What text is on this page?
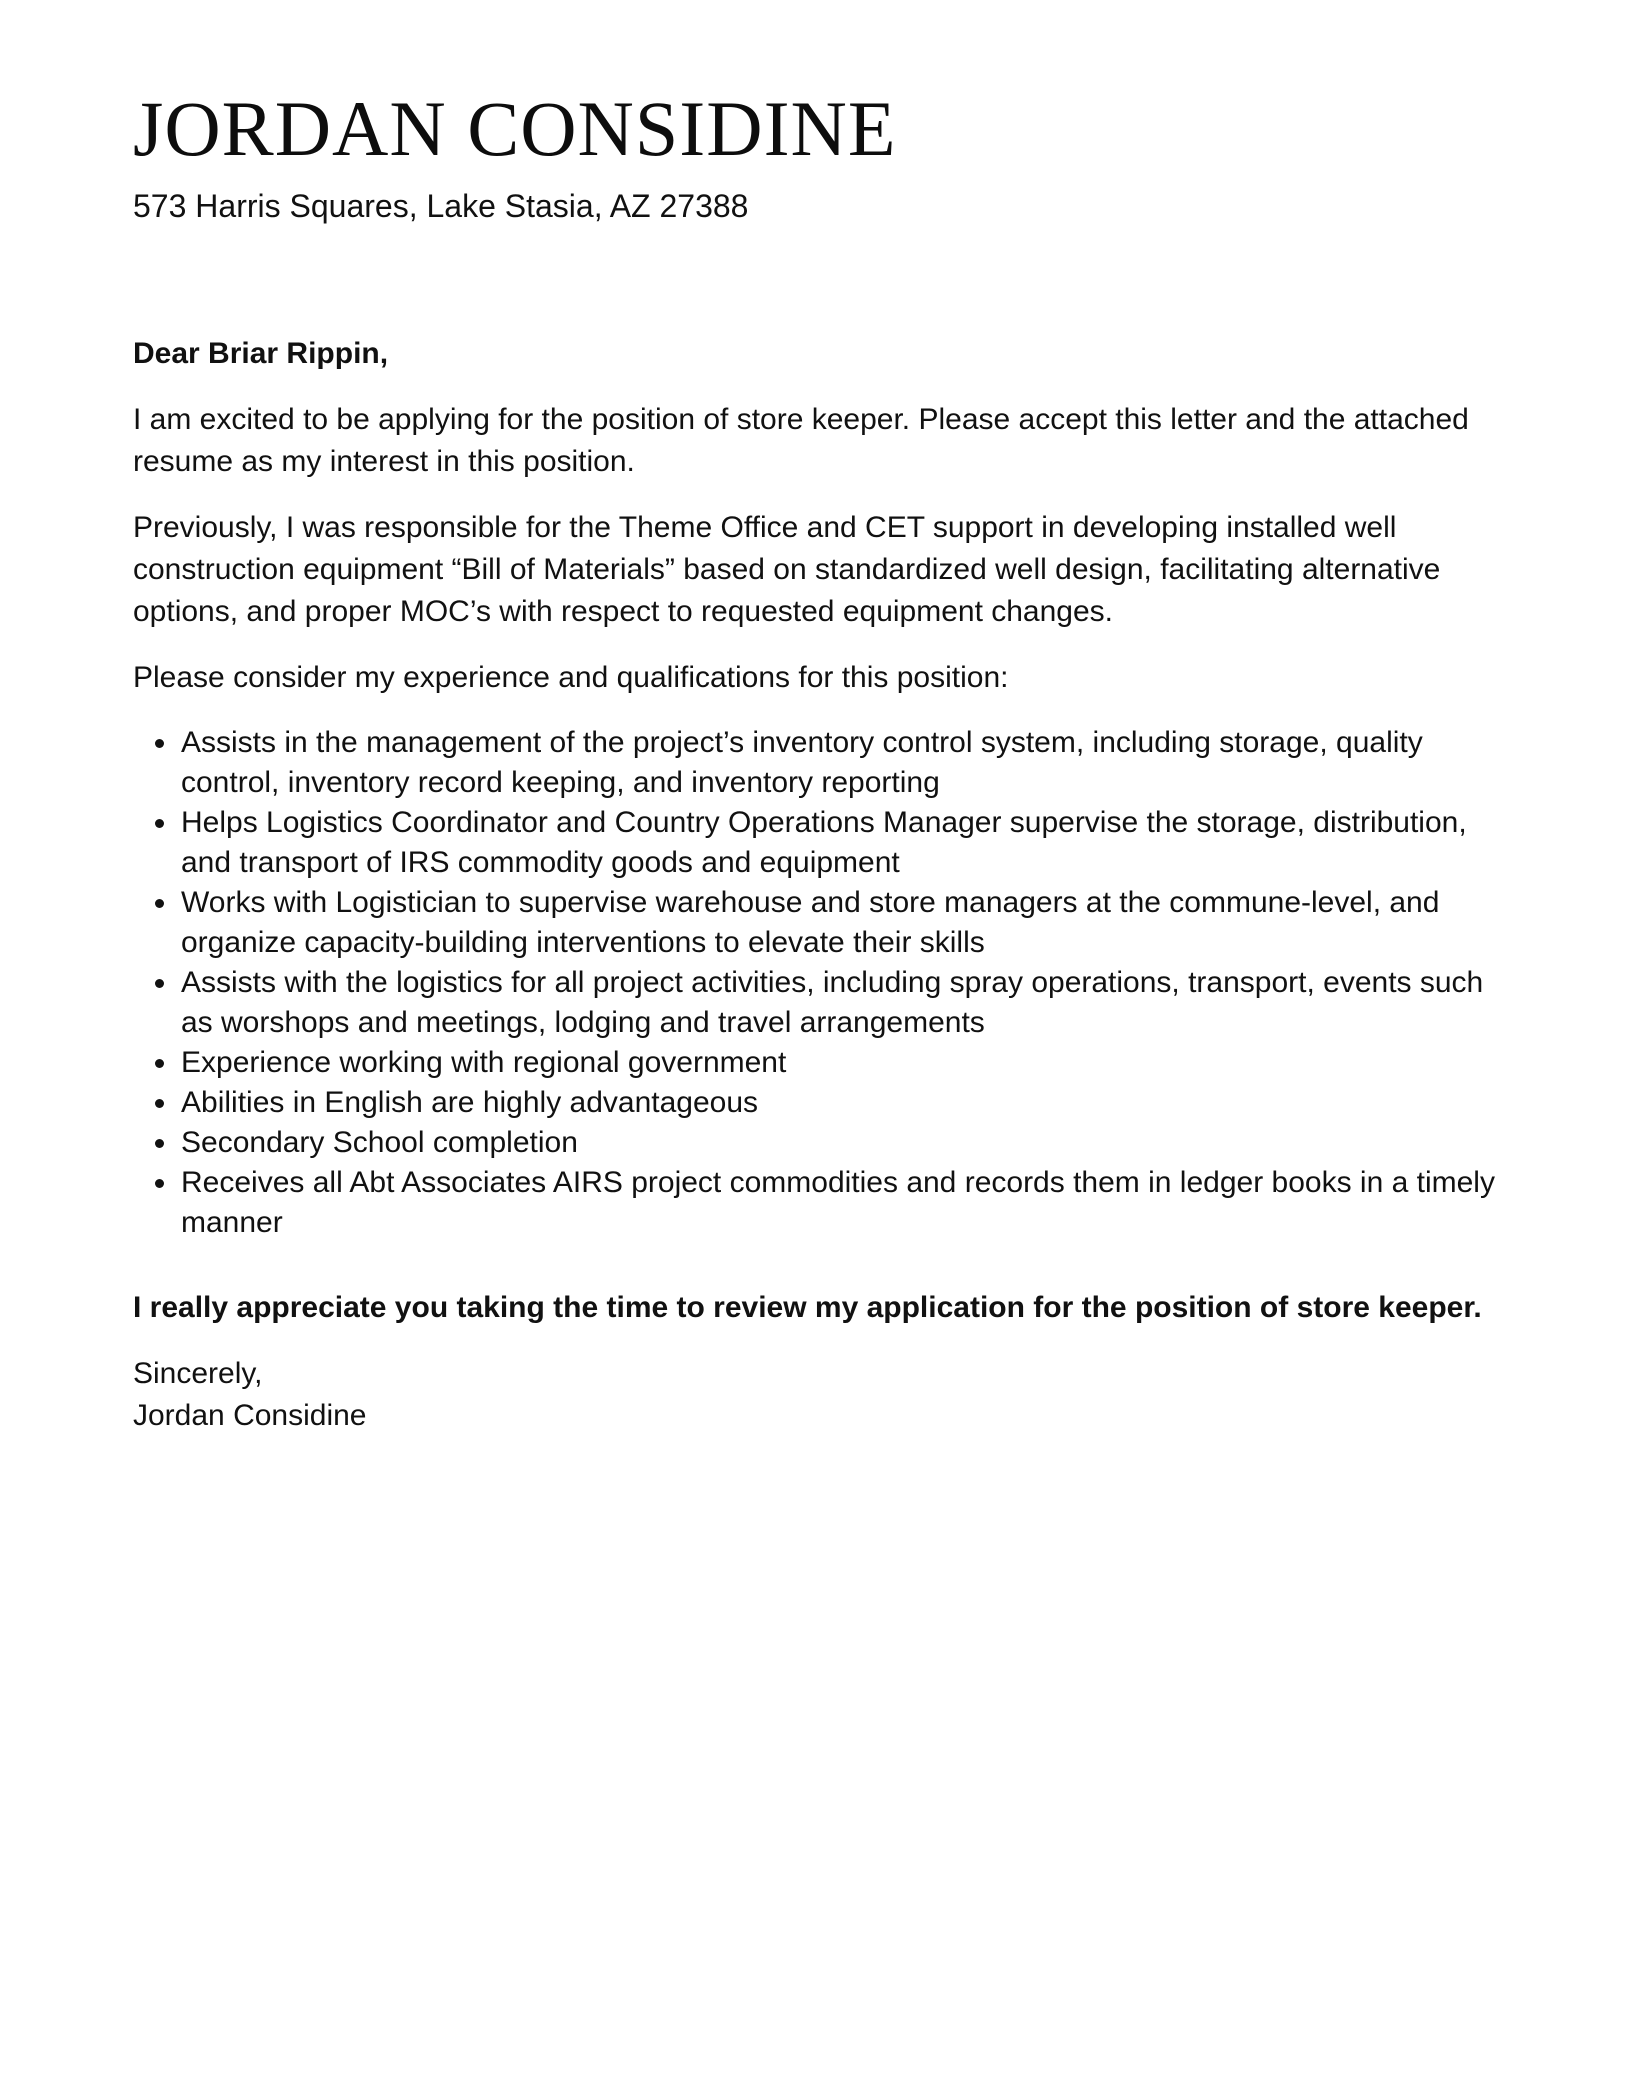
JORDAN CONSIDINE

573 Harris Squares, Lake Stasia, AZ 27388

Dear Briar Rippin,

I am excited to be applying for the position of store keeper. Please accept this letter and the attached resume as my interest in this position.

Previously, I was responsible for the Theme Office and CET support in developing installed well construction equipment “Bill of Materials” based on standardized well design, facilitating alternative options, and proper MOC’s with respect to requested equipment changes.

Please consider my experience and qualifications for this position:

Assists in the management of the project’s inventory control system, including storage, quality control, inventory record keeping, and inventory reporting
Helps Logistics Coordinator and Country Operations Manager supervise the storage, distribution, and transport of IRS commodity goods and equipment
Works with Logistician to supervise warehouse and store managers at the commune-level, and organize capacity-building interventions to elevate their skills
Assists with the logistics for all project activities, including spray operations, transport, events such as worshops and meetings, lodging and travel arrangements
Experience working with regional government
Abilities in English are highly advantageous
Secondary School completion
Receives all Abt Associates AIRS project commodities and records them in ledger books in a timely manner

I really appreciate you taking the time to review my application for the position of store keeper.

Sincerely,
Jordan Considine
